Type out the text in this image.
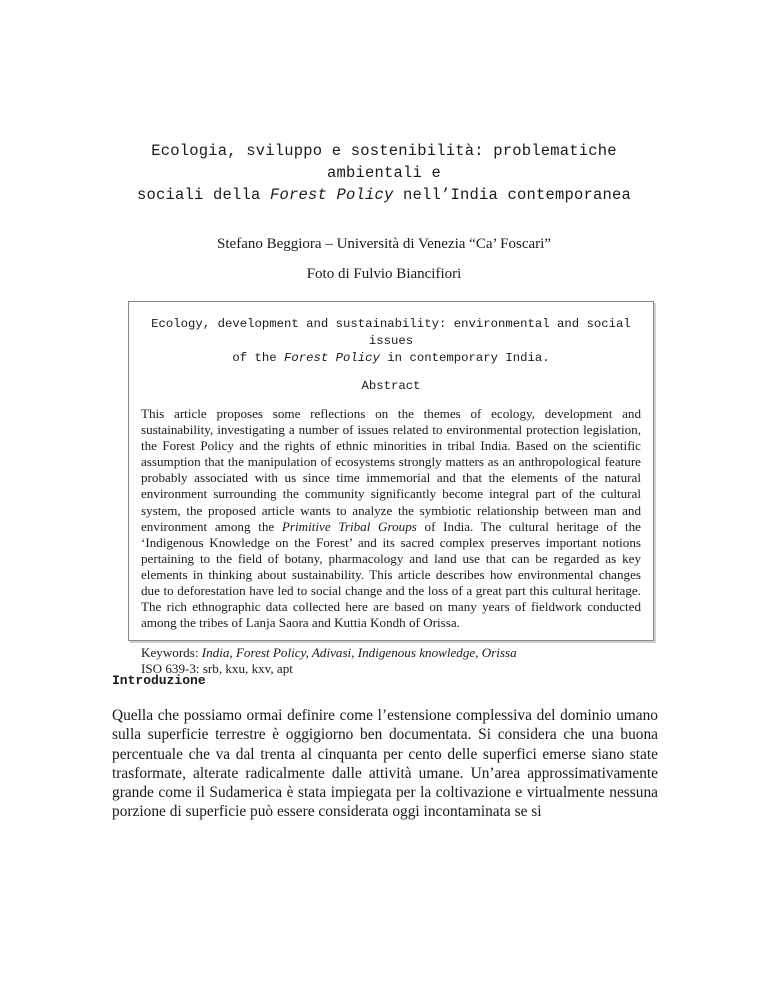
Ecologia, sviluppo e sostenibilità: problematiche ambientali e
sociali della Forest Policy nell’India contemporanea

Stefano Beggiora – Università di Venezia “Ca’ Foscari”

Foto di Fulvio Biancifiori

Ecology, development and sustainability: environmental and social issues
of the Forest Policy in contemporary India.

Abstract

This article proposes some reflections on the themes of ecology, development and sustainability, investigating a number of issues related to environmental protection legislation, the Forest Policy and the rights of ethnic minorities in tribal India. Based on the scientific assumption that the manipulation of ecosystems strongly matters as an anthropological feature probably associated with us since time immemorial and that the elements of the natural environment surrounding the community significantly become integral part of the cultural system, the proposed article wants to analyze the symbiotic relationship between man and environment among the Primitive Tribal Groups of India. The cultural heritage of the ‘Indigenous Knowledge on the Forest’ and its sacred complex preserves important notions pertaining to the field of botany, pharmacology and land use that can be regarded as key elements in thinking about sustainability. This article describes how environmental changes due to deforestation have led to social change and the loss of a great part this cultural heritage. The rich ethnographic data collected here are based on many years of fieldwork conducted among the tribes of Lanja Saora and Kuttia Kondh of Orissa.

Keywords: India, Forest Policy, Adivasi, Indigenous knowledge, Orissa

ISO 639-3: srb, kxu, kxv, apt

Introduzione

Quella che possiamo ormai definire come l’estensione complessiva del dominio umano sulla superficie terrestre è oggigiorno ben documentata. Si considera che una buona percentuale che va dal trenta al cinquanta per cento delle superfici emerse siano state trasformate, alterate radicalmente dalle attività umane. Un’area approssimativamente grande come il Sudamerica è stata impiegata per la coltivazione e virtualmente nessuna porzione di superficie può essere considerata oggi incontaminata se si
